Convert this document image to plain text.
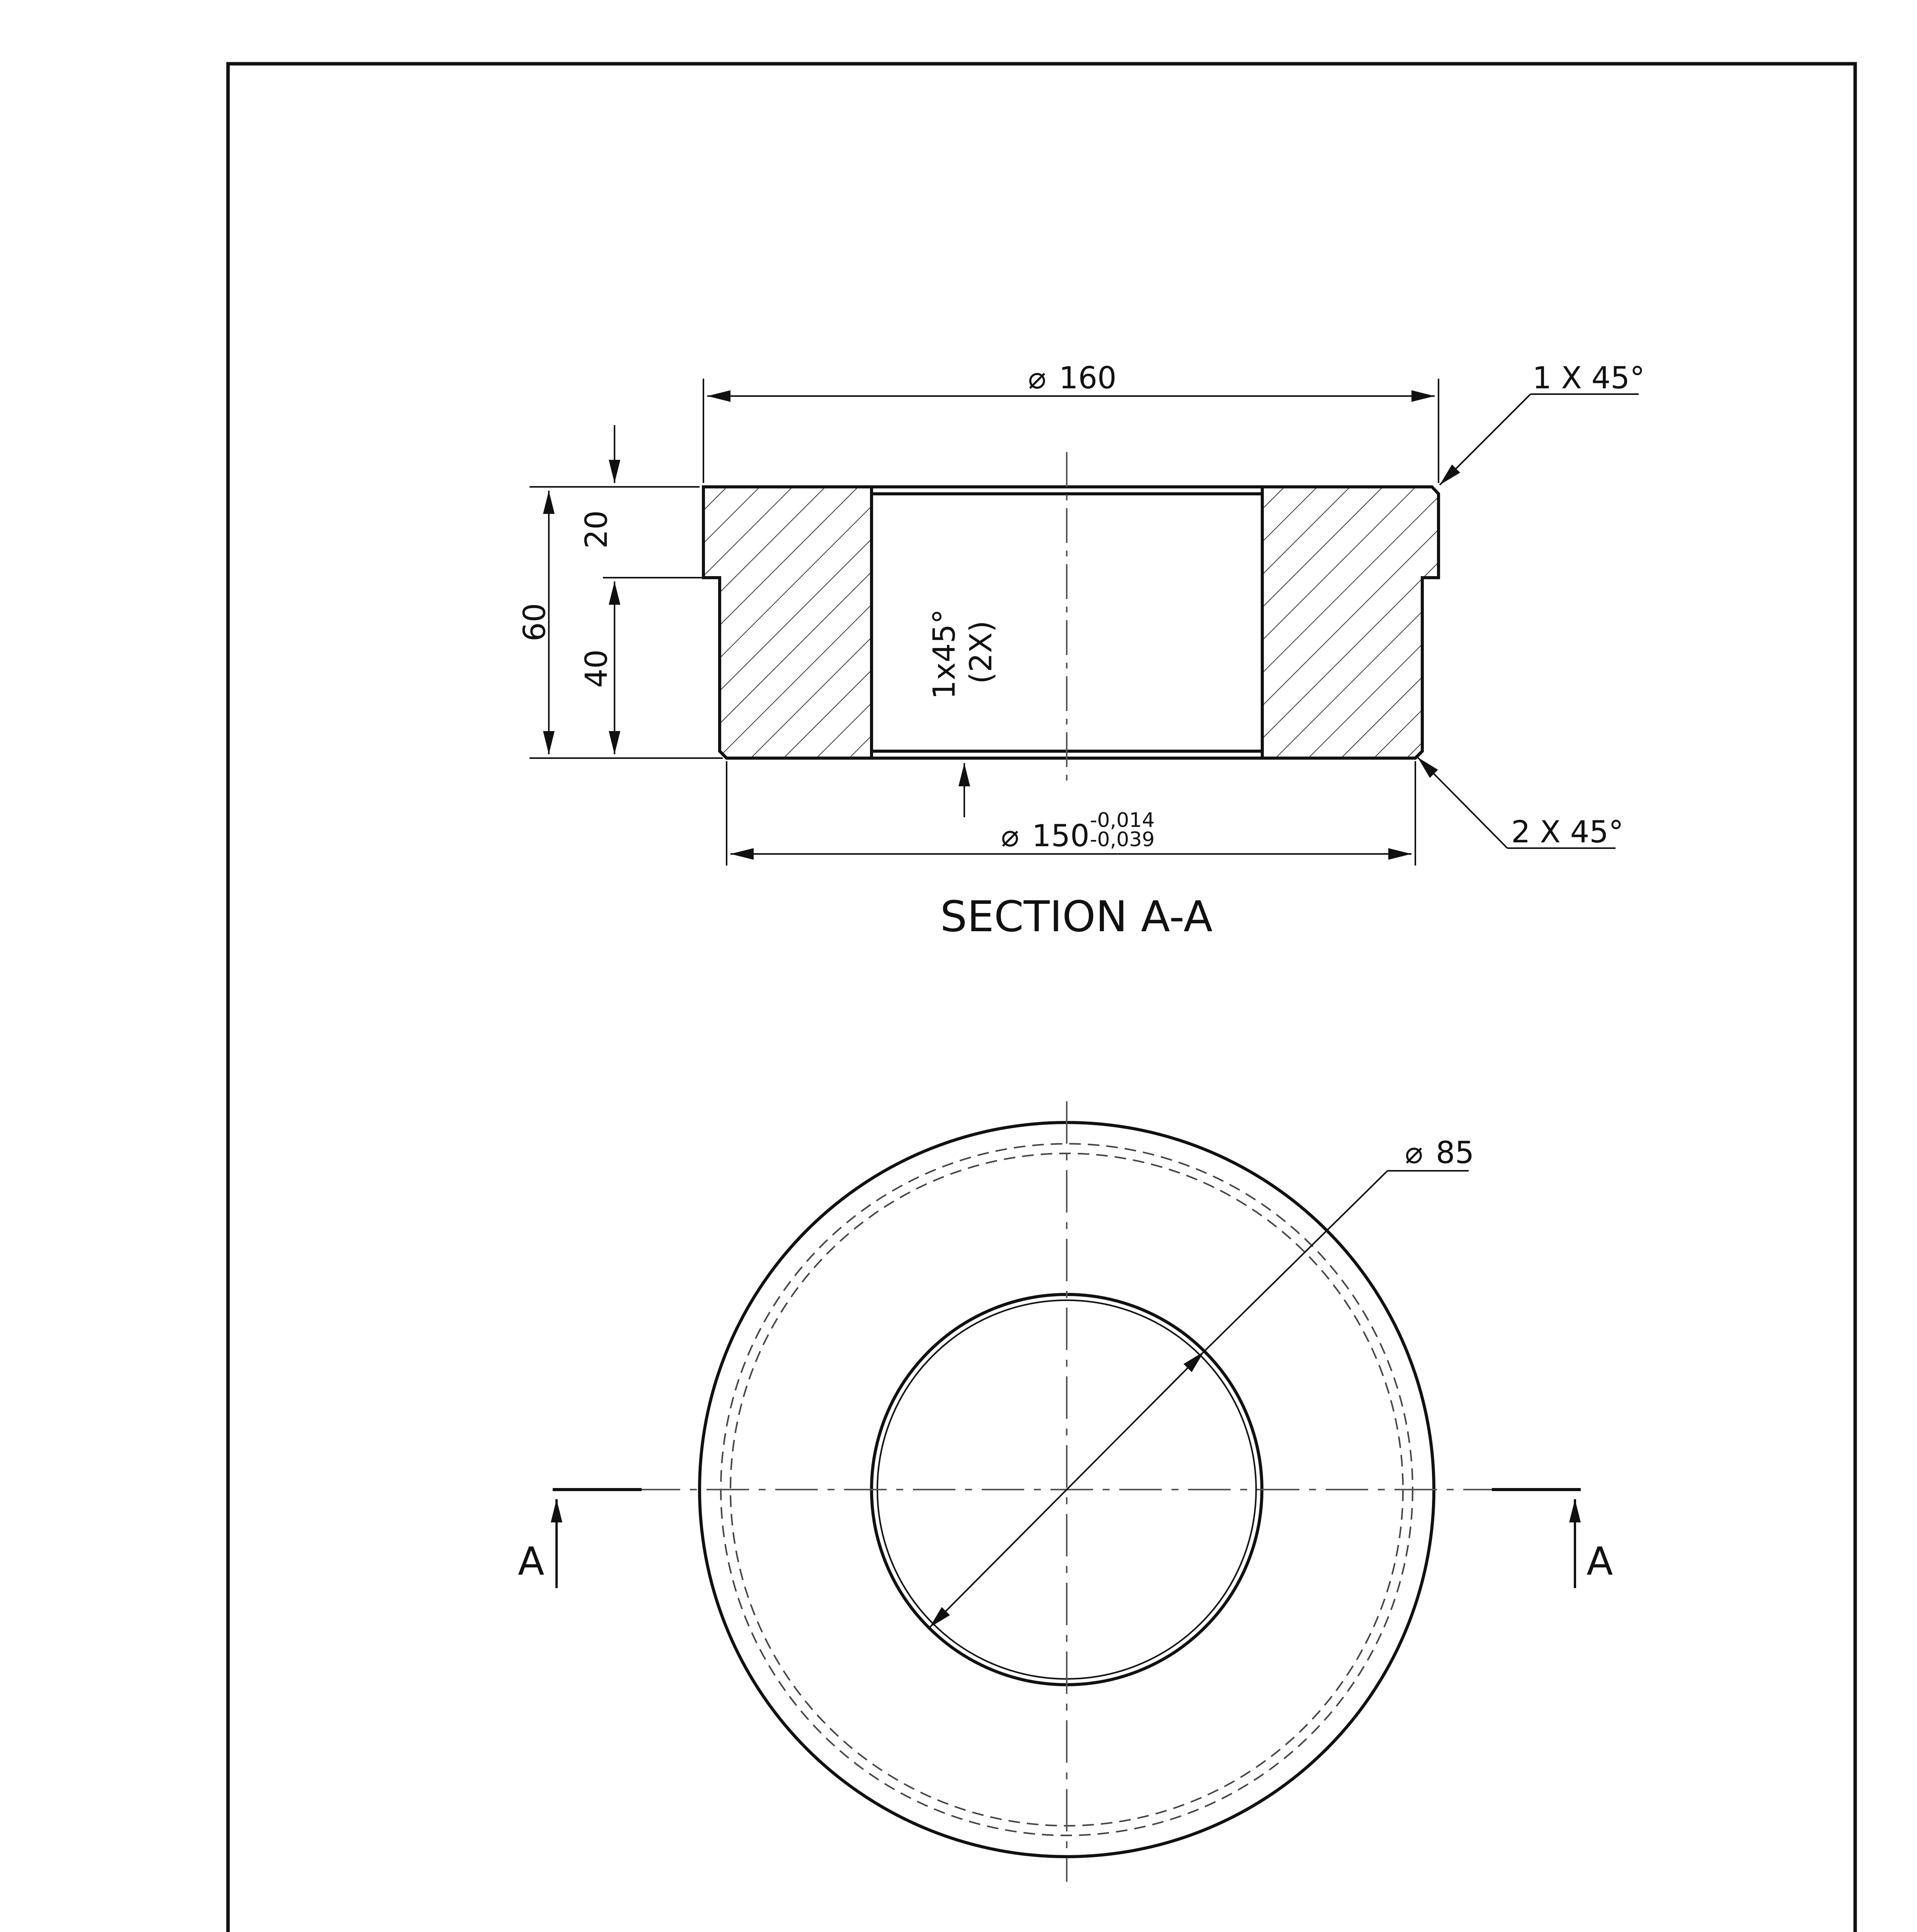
⌀ 160	1 X 45°
⌀ 150 -0,014
-0,039	2 X 45°
60
20
40	1x45° (2X)
SECTION A-A
⌀ 85
A	A
